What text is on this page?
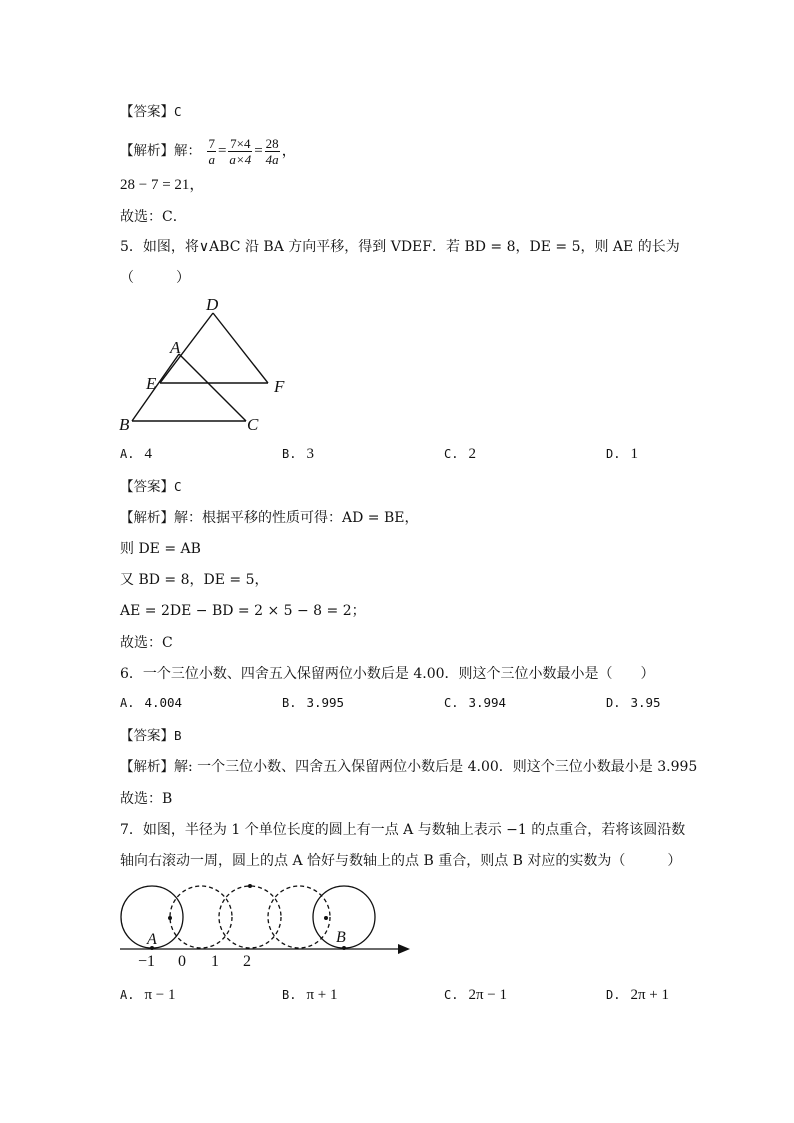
【答案】C
【解析】解： $\frac{7}{a} = \frac{7\times 4}{a\times 4} = \frac{28}{4a}$ ，
28 − 7 = 21，
故选：C．
5．如图，将∨ABC 沿 BA 方向平移，得到 VDEF．若 BD = 8，DE = 5，则 AE 的长为
（　　　）
D
A
E	F
B	C
A. 4	B. 3	C. 2	D. 1
【答案】C
【解析】解：根据平移的性质可得：AD = BE，
则 DE = AB
又 BD = 8，DE = 5，
AE = 2DE − BD = 2 × 5 − 8 = 2；
故选：C
6．一个三位小数、四舍五入保留两位小数后是 4.00．则这个三位小数最小是（　　）
A. 4.004	B. 3.995	C. 3.994	D. 3.95
【答案】B
【解析】解: 一个三位小数、四舍五入保留两位小数后是 4.00．则这个三位小数最小是 3.995
故选：B
7．如图，半径为 1 个单位长度的圆上有一点 A 与数轴上表示 −1 的点重合，若将该圆沿数
轴向右滚动一周，圆上的点 A 恰好与数轴上的点 B 重合，则点 B 对应的实数为（　　　）
A	B
−1 0 1 2
A. π − 1	B. π + 1	C. 2π − 1	D. 2π + 1
